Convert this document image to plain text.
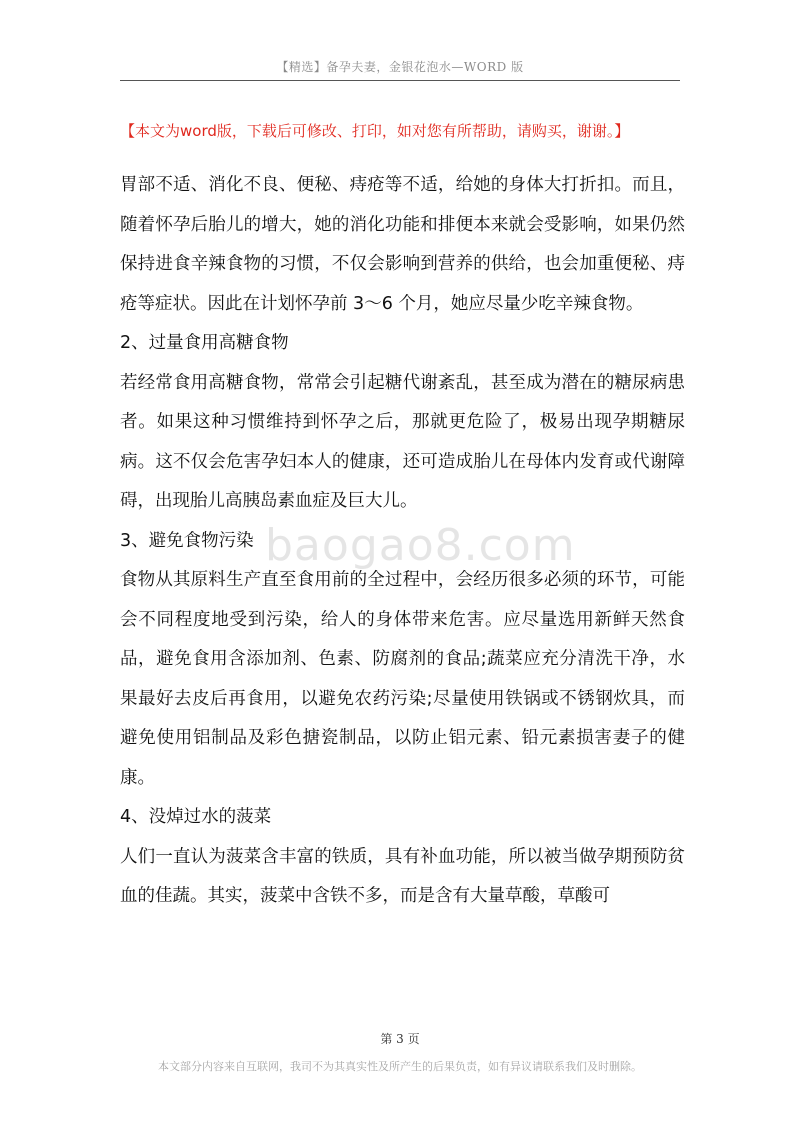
【精选】备孕夫妻，金银花泡水—WORD 版
【本文为word版，下载后可修改、打印，如对您有所帮助，请购买，谢谢。】

胃部不适、消化不良、便秘、痔疮等不适，给她的身体大打折扣。而且，随着怀孕后胎儿的增大，她的消化功能和排便本来就会受影响，如果仍然保持进食辛辣食物的习惯，不仅会影响到营养的供给，也会加重便秘、痔疮等症状。因此在计划怀孕前 3～6 个月，她应尽量少吃辛辣食物。

2、过量食用高糖食物

若经常食用高糖食物，常常会引起糖代谢紊乱，甚至成为潜在的糖尿病患者。如果这种习惯维持到怀孕之后，那就更危险了，极易出现孕期糖尿病。这不仅会危害孕妇本人的健康，还可造成胎儿在母体内发育或代谢障碍，出现胎儿高胰岛素血症及巨大儿。

3、避免食物污染

食物从其原料生产直至食用前的全过程中，会经历很多必须的环节，可能会不同程度地受到污染，给人的身体带来危害。应尽量选用新鲜天然食品，避免食用含添加剂、色素、防腐剂的食品;蔬菜应充分清洗干净，水果最好去皮后再食用，以避免农药污染;尽量使用铁锅或不锈钢炊具，而避免使用铝制品及彩色搪瓷制品，以防止铝元素、铅元素损害妻子的健康。

4、没焯过水的菠菜

人们一直认为菠菜含丰富的铁质，具有补血功能，所以被当做孕期预防贫血的佳蔬。其实，菠菜中含铁不多，而是含有大量草酸，草酸可

baogao8.com
第 3 页
本文部分内容来自互联网，我司不为其真实性及所产生的后果负责，如有异议请联系我们及时删除。
